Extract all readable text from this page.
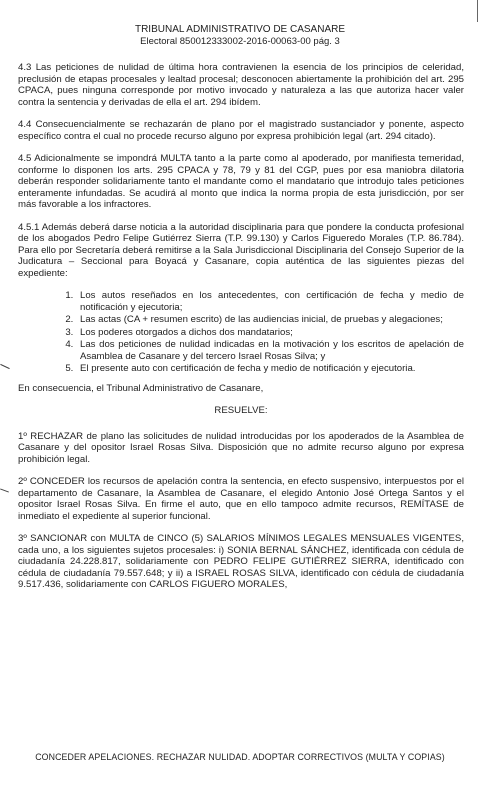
TRIBUNAL ADMINISTRATIVO DE CASANARE
Electoral 850012333002-2016-00063-00 pág. 3

4.3 Las peticiones de nulidad de última hora contravienen la esencia de los principios de celeridad, preclusión de etapas procesales y lealtad procesal; desconocen abiertamente la prohibición del art. 295 CPACA, pues ninguna corresponde por motivo invocado y naturaleza a las que autoriza hacer valer contra la sentencia y derivadas de ella el art. 294 ibídem.

4.4 Consecuencialmente se rechazarán de plano por el magistrado sustanciador y ponente, aspecto específico contra el cual no procede recurso alguno por expresa prohibición legal (art. 294 citado).

4.5 Adicionalmente se impondrá MULTA tanto a la parte como al apoderado, por manifiesta temeridad, conforme lo disponen los arts. 295 CPACA y 78, 79 y 81 del CGP, pues por esa maniobra dilatoria deberán responder solidariamente tanto el mandante como el mandatario que introdujo tales peticiones enteramente infundadas. Se acudirá al monto que indica la norma propia de esta jurisdicción, por ser más favorable a los infractores.

4.5.1 Además deberá darse noticia a la autoridad disciplinaria para que pondere la conducta profesional de los abogados Pedro Felipe Gutiérrez Sierra (T.P. 99.130) y Carlos Figueredo Morales (T.P. 86.784). Para ello por Secretaría deberá remitirse a la Sala Jurisdiccional Disciplinaria del Consejo Superior de la Judicatura – Seccional para Boyacá y Casanare, copia auténtica de las siguientes piezas del expediente:

1. Los autos reseñados en los antecedentes, con certificación de fecha y medio de notificación y ejecutoria;
2. Las actas (CA + resumen escrito) de las audiencias inicial, de pruebas y alegaciones;
3. Los poderes otorgados a dichos dos mandatarios;
4. Las dos peticiones de nulidad indicadas en la motivación y los escritos de apelación de Asamblea de Casanare y del tercero Israel Rosas Silva; y
5. El presente auto con certificación de fecha y medio de notificación y ejecutoria.

En consecuencia, el Tribunal Administrativo de Casanare,

RESUELVE:

1º RECHAZAR de plano las solicitudes de nulidad introducidas por los apoderados de la Asamblea de Casanare y del opositor Israel Rosas Silva. Disposición que no admite recurso alguno por expresa prohibición legal.

2º CONCEDER los recursos de apelación contra la sentencia, en efecto suspensivo, interpuestos por el departamento de Casanare, la Asamblea de Casanare, el elegido Antonio José Ortega Santos y el opositor Israel Rosas Silva. En firme el auto, que en ello tampoco admite recursos, REMÍTASE de inmediato el expediente al superior funcional.

3º SANCIONAR con MULTA de CINCO (5) SALARIOS MÍNIMOS LEGALES MENSUALES VIGENTES, cada uno, a los siguientes sujetos procesales: i) SONIA BERNAL SÁNCHEZ, identificada con cédula de ciudadanía 24.228.817, solidariamente con PEDRO FELIPE GUTIÉRREZ SIERRA, identificado con cédula de ciudadanía 79.557.648; y ii) a ISRAEL ROSAS SILVA, identificado con cédula de ciudadanía 9.517.436, solidariamente con CARLOS FIGUERO MORALES,

CONCEDER APELACIONES. RECHAZAR NULIDAD. ADOPTAR CORRECTIVOS (MULTA Y COPIAS)
